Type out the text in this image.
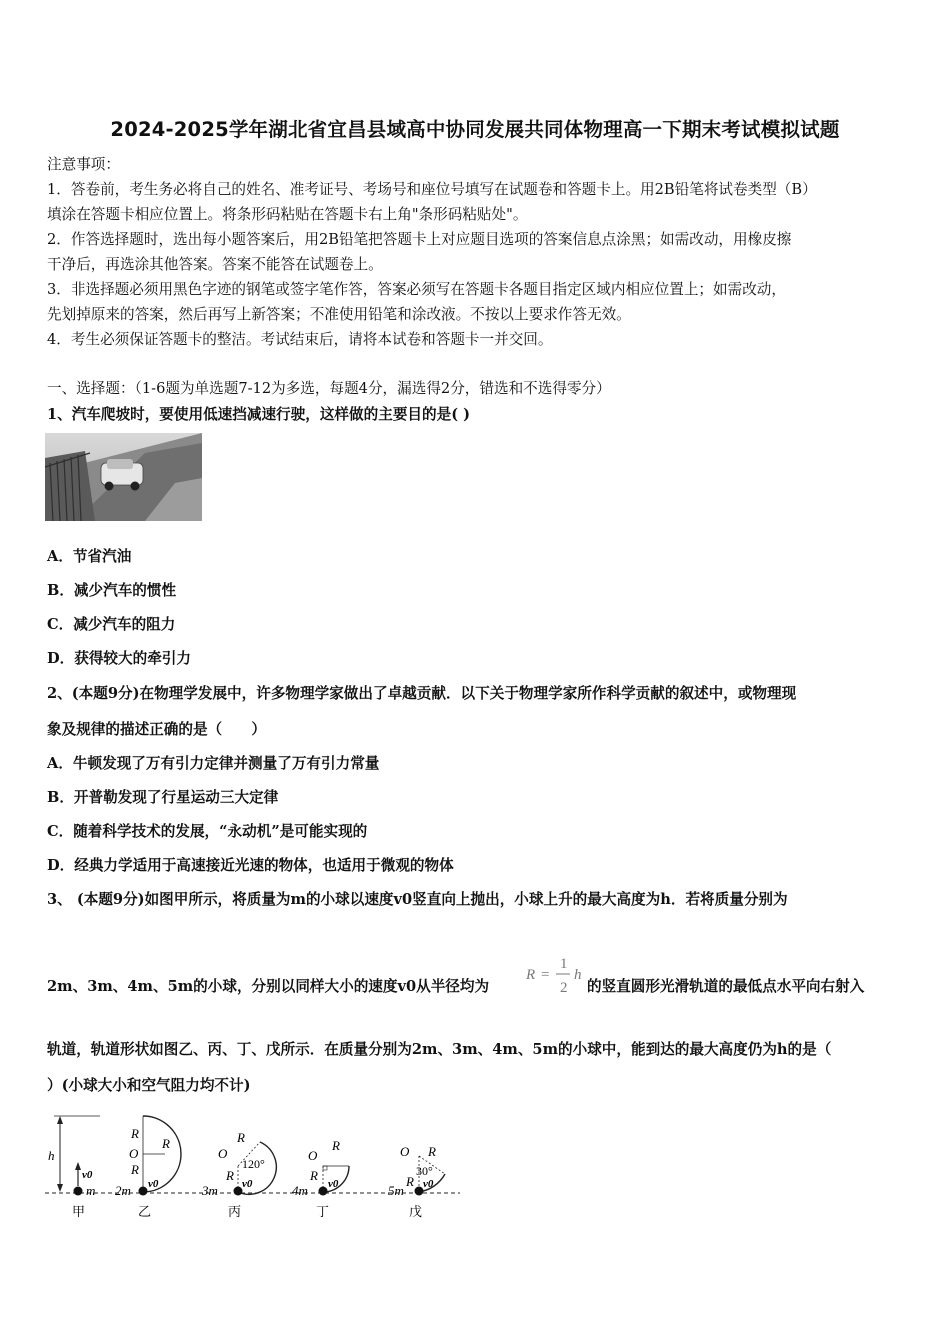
2024-2025学年湖北省宜昌县域高中协同发展共同体物理高一下期末考试模拟试题
注意事项：
1．答卷前，考生务必将自己的姓名、准考证号、考场号和座位号填写在试题卷和答题卡上。用2B铅笔将试卷类型（B）
填涂在答题卡相应位置上。将条形码粘贴在答题卡右上角"条形码粘贴处"。
2．作答选择题时，选出每小题答案后，用2B铅笔把答题卡上对应题目选项的答案信息点涂黑；如需改动，用橡皮擦
干净后，再选涂其他答案。答案不能答在试题卷上。
3．非选择题必须用黑色字迹的钢笔或签字笔作答，答案必须写在答题卡各题目指定区域内相应位置上；如需改动，
先划掉原来的答案，然后再写上新答案；不准使用铅笔和涂改液。不按以上要求作答无效。
4．考生必须保证答题卡的整洁。考试结束后，请将本试卷和答题卡一并交回。
一、选择题：（1-6题为单选题7-12为多选，每题4分，漏选得2分，错选和不选得零分）
1、汽车爬坡时，要使用低速挡减速行驶，这样做的主要目的是( )
A．节省汽油
B．减少汽车的惯性
C．减少汽车的阻力
D．获得较大的牵引力
2、(本题9分)在物理学发展中，许多物理学家做出了卓越贡献．以下关于物理学家所作科学贡献的叙述中，或物理现
象及规律的描述正确的是（　　）
A．牛顿发现了万有引力定律并测量了万有引力常量
B．开普勒发现了行星运动三大定律
C．随着科学技术的发展，“永动机”是可能实现的
D．经典力学适用于高速接近光速的物体，也适用于微观的物体
3、 (本题9分)如图甲所示，将质量为m的小球以速度v0竖直向上抛出，小球上升的最大高度为h．若将质量分别为
2m、3m、4m、5m的小球，分别以同样大小的速度v0从半径均为
R =
1
2
h
的竖直圆形光滑轨道的最低点水平向右射入
轨道，轨道形状如图乙、丙、丁、戊所示．在质量分别为2m、3m、4m、5m的小球中，能到达的最大高度仍为h的是（
）(小球大小和空气阻力均不计)
h
v0
m
甲
R
R
O
R
v0
2m
乙
R
O
120°
R
v0
3m
丙
O
R
R
v0
4m
丁
O R
30°
R v0
5m
戊
